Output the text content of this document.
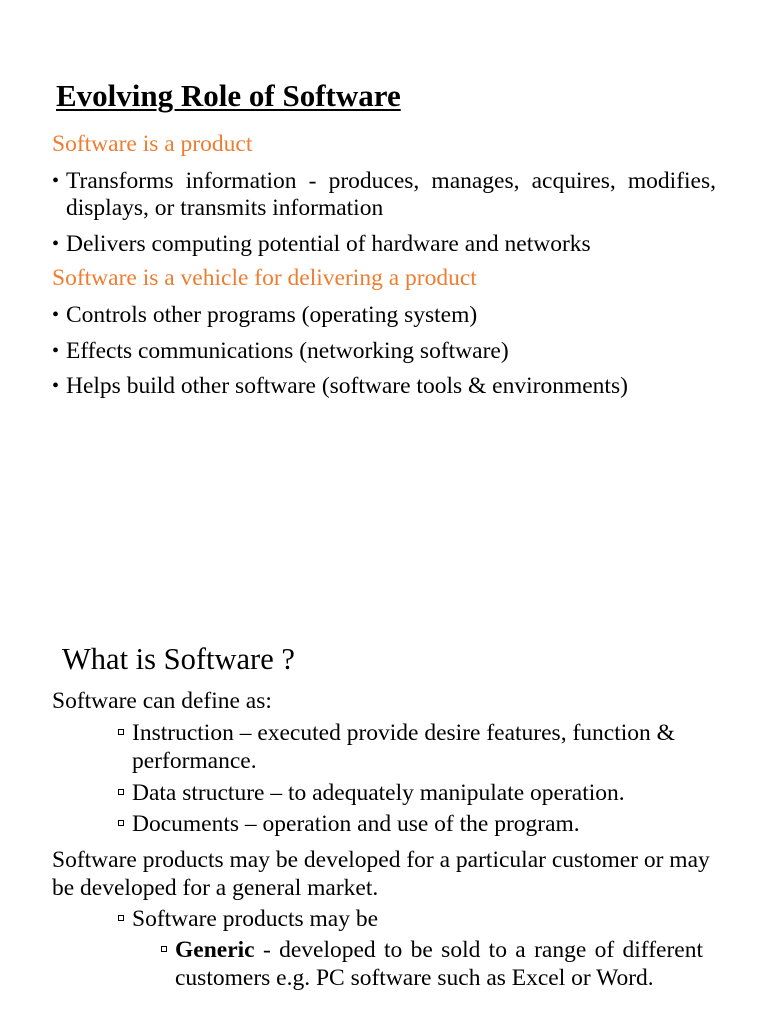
Evolving Role of Software
Software is a product
• Transforms information - produces, manages, acquires, modifies, displays, or transmits information
• Delivers computing potential of hardware and networks
Software is a vehicle for delivering a product
• Controls other programs (operating system)
• Effects communications (networking software)
• Helps build other software (software tools & environments)
What is Software ?
Software can define as:
Instruction – executed provide desire features, function & performance.
Data structure – to adequately manipulate operation.
Documents – operation and use of the program.
Software products may be developed for a particular customer or may be developed for a general market.
Software products may be
Generic - developed to be sold to a range of different customers e.g. PC software such as Excel or Word.
